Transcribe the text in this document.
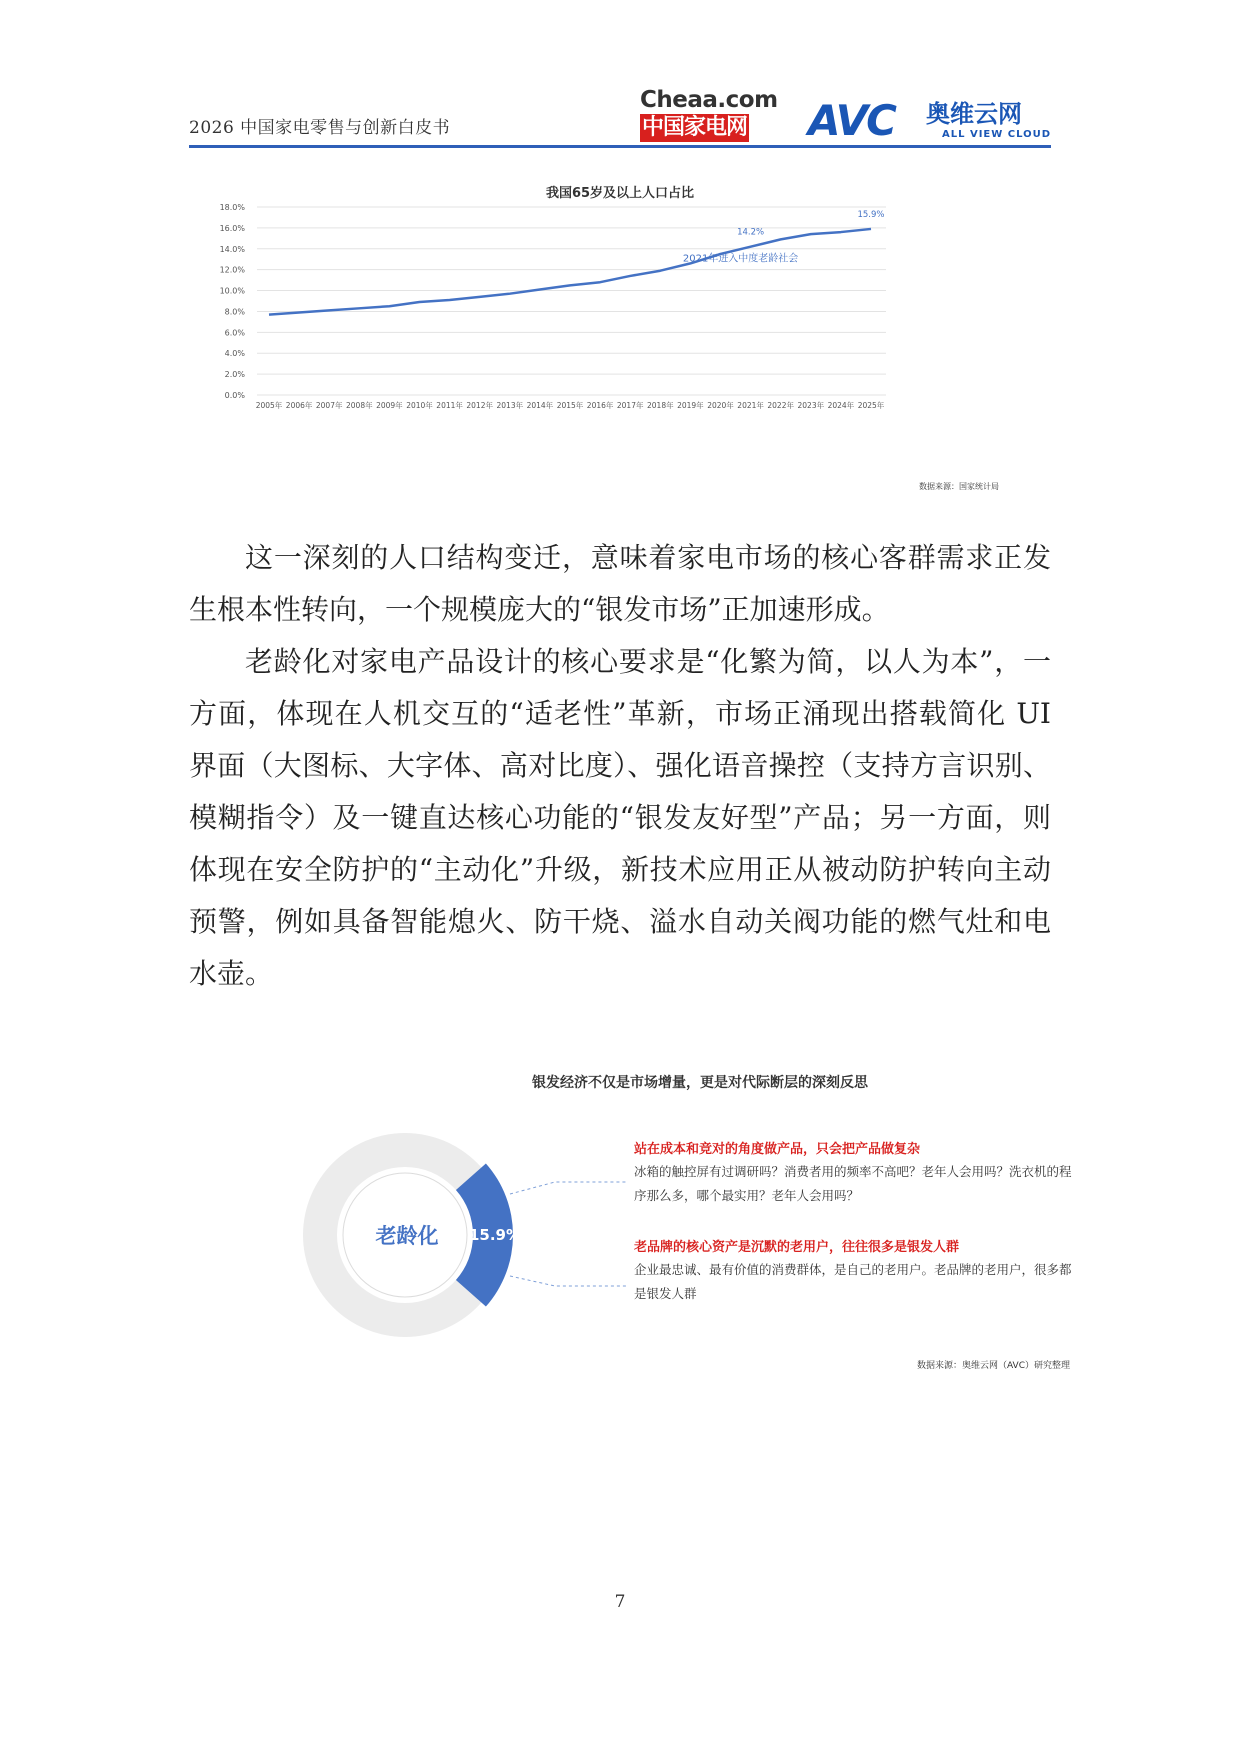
2026 中国家电零售与创新白皮书
Cheaa.com
中国家电网	AVC 奥维云网
ALL VIEW CLOUD
我国65岁及以上人口占比
0.0%
2.0%
4.0%
6.0%
8.0%
10.0%
12.0%
14.0%
16.0%
18.0%
2005年 2006年 2007年 2008年 2009年 2010年 2011年 2012年 2013年 2014年 2015年 2016年 2017年 2018年 2019年 2020年 2021年 2022年 2023年 2024年 2025年
14.2%
15.9%
2021年进入中度老龄社会
数据来源：国家统计局

这一深刻的人口结构变迁，意味着家电市场的核心客群需求正发生根本性转向，一个规模庞大的“银发市场”正加速形成。

老龄化对家电产品设计的核心要求是“化繁为简，以人为本”，一方面，体现在人机交互的“适老性”革新，市场正涌现出搭载简化 UI 界面（大图标、大字体、高对比度）、强化语音操控（支持方言识别、模糊指令）及一键直达核心功能的“银发友好型”产品；另一方面，则体现在安全防护的“主动化”升级，新技术应用正从被动防护转向主动预警，例如具备智能熄火、防干烧、溢水自动关阀功能的燃气灶和电水壶。

银发经济不仅是市场增量，更是对代际断层的深刻反思
老龄化 15.9%
站在成本和竞对的角度做产品，只会把产品做复杂
冰箱的触控屏有过调研吗？消费者用的频率不高吧？老年人会用吗？洗衣机的程序那么多，哪个最实用？老年人会用吗？
老品牌的核心资产是沉默的老用户，往往很多是银发人群
企业最忠诚、最有价值的消费群体，是自己的老用户。老品牌的老用户，很多都是银发人群
数据来源：奥维云网（AVC）研究整理
7
